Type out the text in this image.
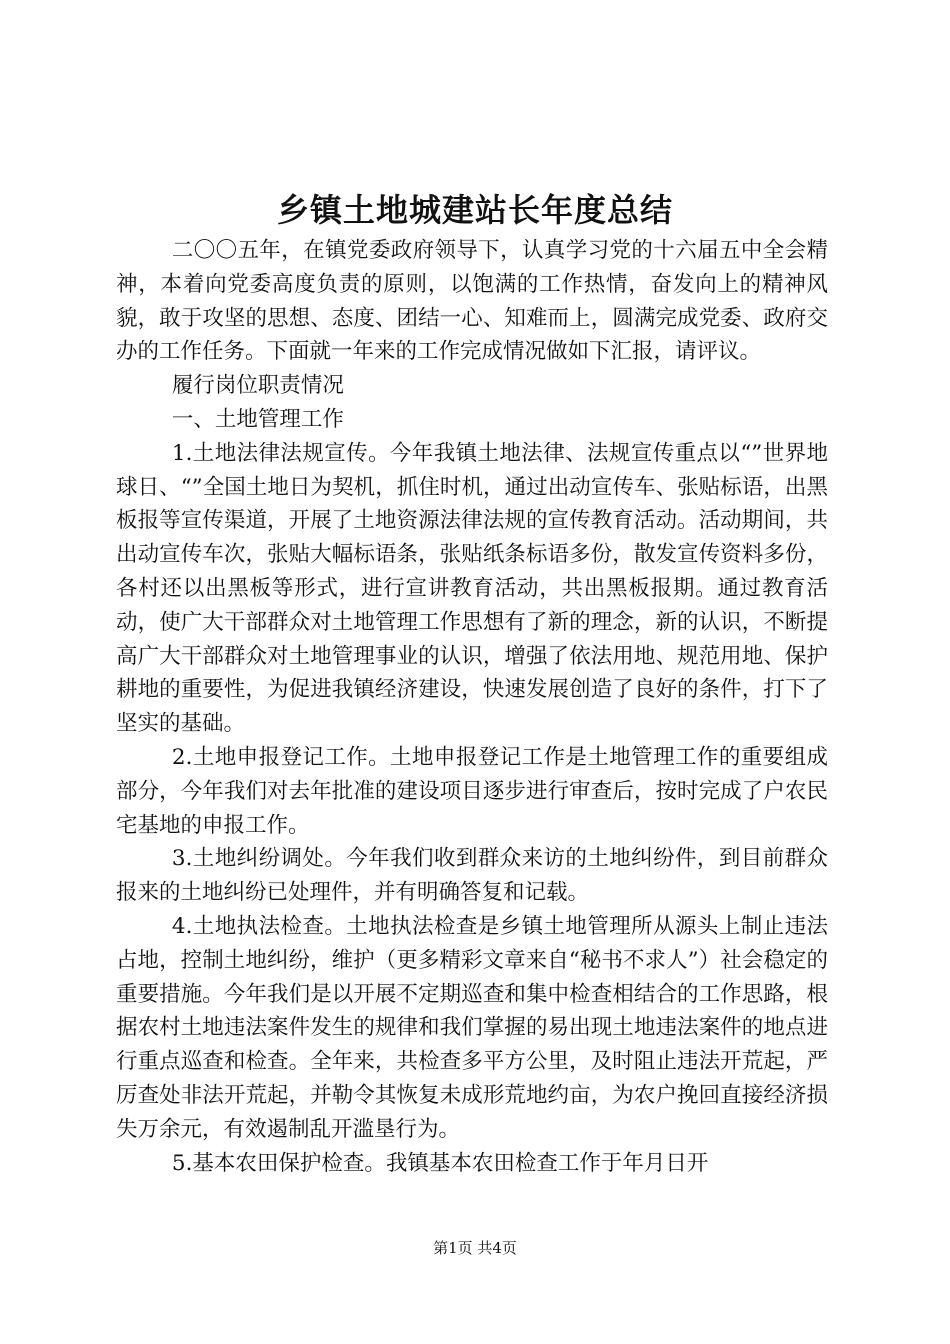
乡镇土地城建站长年度总结

二〇〇五年，在镇党委政府领导下，认真学习党的十六届五中全会精神，本着向党委高度负责的原则，以饱满的工作热情，奋发向上的精神风貌，敢于攻坚的思想、态度、团结一心、知难而上，圆满完成党委、政府交办的工作任务。下面就一年来的工作完成情况做如下汇报，请评议。

履行岗位职责情况

一、土地管理工作

1.土地法律法规宣传。今年我镇土地法律、法规宣传重点以“”世界地球日、“”全国土地日为契机，抓住时机，通过出动宣传车、张贴标语，出黑板报等宣传渠道，开展了土地资源法律法规的宣传教育活动。活动期间，共出动宣传车次，张贴大幅标语条，张贴纸条标语多份，散发宣传资料多份，各村还以出黑板等形式，进行宣讲教育活动，共出黑板报期。通过教育活动，使广大干部群众对土地管理工作思想有了新的理念，新的认识，不断提高广大干部群众对土地管理事业的认识，增强了依法用地、规范用地、保护耕地的重要性，为促进我镇经济建设，快速发展创造了良好的条件，打下了坚实的基础。

2.土地申报登记工作。土地申报登记工作是土地管理工作的重要组成部分，今年我们对去年批准的建设项目逐步进行审查后，按时完成了户农民宅基地的申报工作。

3.土地纠纷调处。今年我们收到群众来访的土地纠纷件，到目前群众报来的土地纠纷已处理件，并有明确答复和记载。

4.土地执法检查。土地执法检查是乡镇土地管理所从源头上制止违法占地，控制土地纠纷，维护（更多精彩文章来自“秘书不求人”）社会稳定的重要措施。今年我们是以开展不定期巡查和集中检查相结合的工作思路，根据农村土地违法案件发生的规律和我们掌握的易出现土地违法案件的地点进行重点巡查和检查。全年来，共检查多平方公里，及时阻止违法开荒起，严厉查处非法开荒起，并勒令其恢复未成形荒地约亩，为农户挽回直接经济损失万余元，有效遏制乱开滥垦行为。

5.基本农田保护检查。我镇基本农田检查工作于年月日开

第1页 共4页
